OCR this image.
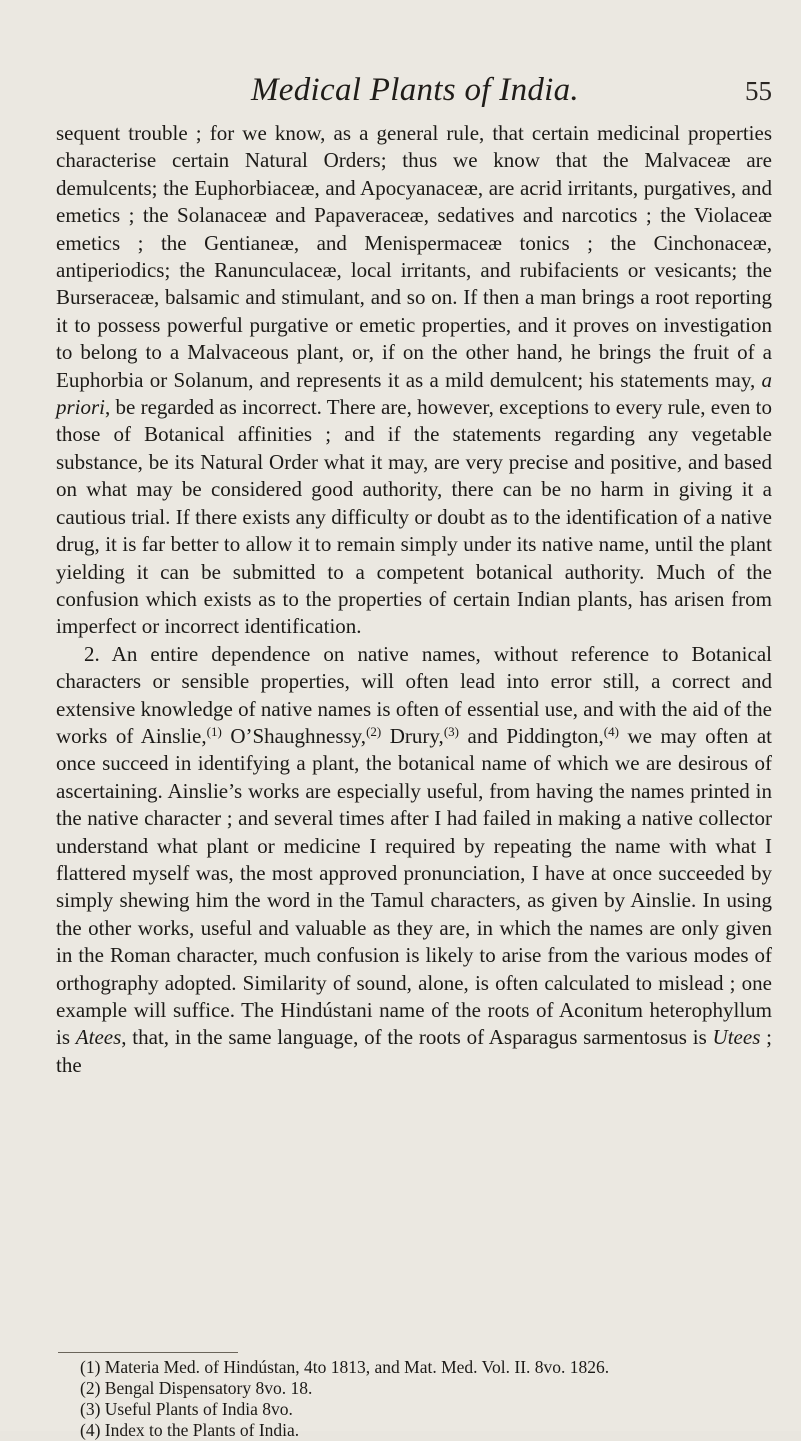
Medical Plants of India.	55

sequent trouble ; for we know, as a general rule, that certain medicinal properties characterise certain Natural Orders; thus we know that the Malvaceæ are demulcents; the Euphorbiaceæ, and Apocyanaceæ, are acrid irritants, purgatives, and emetics ; the Solanaceæ and Papaveraceæ, sedatives and narcotics ; the Violaceæ emetics ; the Gentianeæ, and Menispermaceæ tonics ; the Cinchonaceæ, antiperiodics; the Ranunculaceæ, local irritants, and rubifacients or vesicants; the Burseraceæ, balsamic and stimulant, and so on. If then a man brings a root reporting it to possess powerful purgative or emetic properties, and it proves on investigation to belong to a Malvaceous plant, or, if on the other hand, he brings the fruit of a Euphorbia or Solanum, and represents it as a mild demulcent; his statements may, a priori, be regarded as incorrect. There are, however, exceptions to every rule, even to those of Botanical affinities ; and if the statements regarding any vegetable substance, be its Natural Order what it may, are very precise and positive, and based on what may be considered good authority, there can be no harm in giving it a cautious trial. If there exists any difficulty or doubt as to the identification of a native drug, it is far better to allow it to remain simply under its native name, until the plant yielding it can be submitted to a competent botanical authority. Much of the confusion which exists as to the properties of certain Indian plants, has arisen from imperfect or incorrect identification.

2. An entire dependence on native names, without reference to Botanical characters or sensible properties, will often lead into error still, a correct and extensive knowledge of native names is often of essential use, and with the aid of the works of Ainslie,$^{(1)}$ O’Shaughnessy,$^{(2)}$ Drury,$^{(3)}$ and Piddington,$^{(4)}$ we may often at once succeed in identifying a plant, the botanical name of which we are desirous of ascertaining. Ainslie’s works are especially useful, from having the names printed in the native character ; and several times after I had failed in making a native collector understand what plant or medicine I required by repeating the name with what I flattered myself was, the most approved pronunciation, I have at once succeeded by simply shewing him the word in the Tamul characters, as given by Ainslie. In using the other works, useful and valuable as they are, in which the names are only given in the Roman character, much confusion is likely to arise from the various modes of orthography adopted. Similarity of sound, alone, is often calculated to mislead ; one example will suffice. The Hindústani name of the roots of Aconitum heterophyllum is Atees, that, in the same language, of the roots of Asparagus sarmentosus is Utees ; the

(1) Materia Med. of Hindústan, 4to 1813, and Mat. Med. Vol. II. 8vo. 1826.
(2) Bengal Dispensatory 8vo. 18.
(3) Useful Plants of India 8vo.
(4) Index to the Plants of India.
